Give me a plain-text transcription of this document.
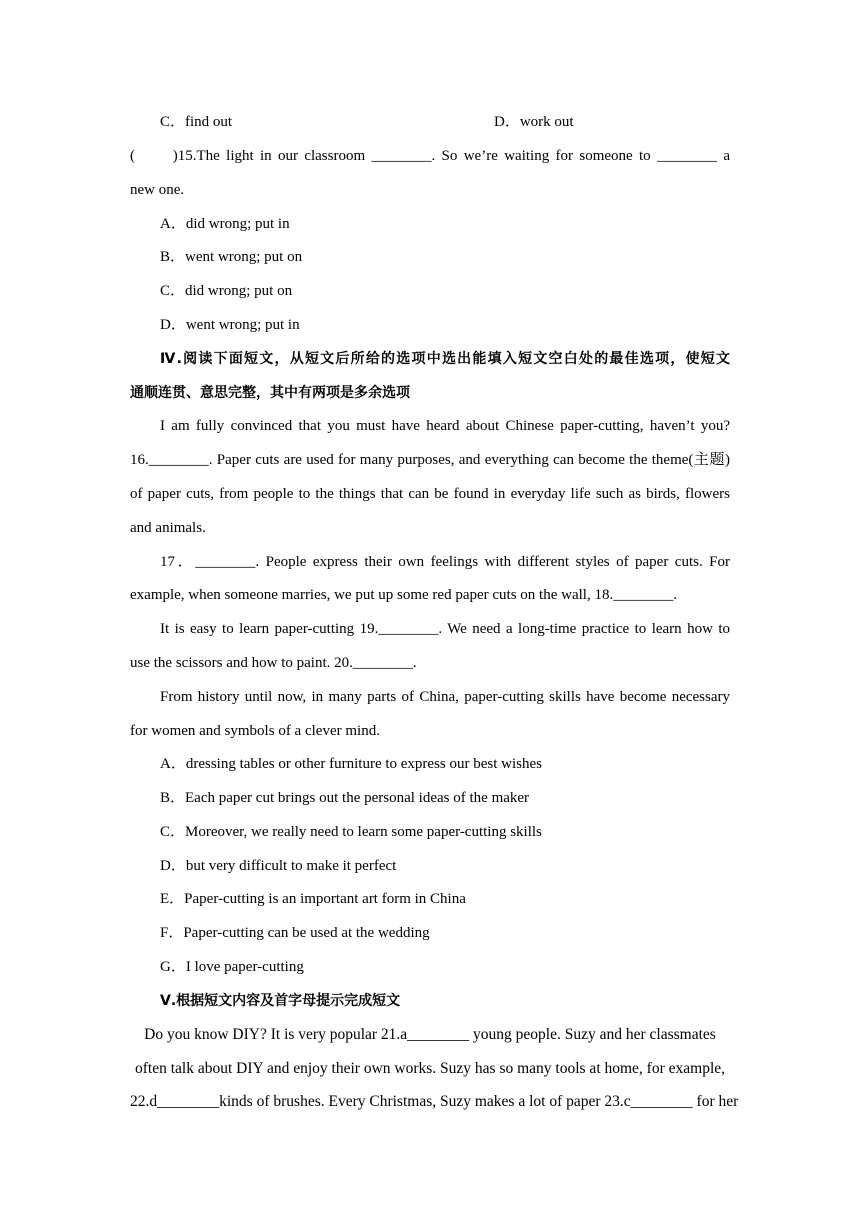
C．find out	D．work out
(　　)15.The light in our classroom ________. So we’re waiting for someone to ________ a
new one.
A．did wrong; put in
B．went wrong; put on
C．did wrong; put on
D．went wrong; put in
Ⅳ.阅读下面短文，从短文后所给的选项中选出能填入短文空白处的最佳选项，使短文
通顺连贯、意思完整，其中有两项是多余选项
I am fully convinced that you must have heard about Chinese paper-cutting, haven’t you?
16.________. Paper cuts are used for many purposes, and everything can become the theme(主题)
of paper cuts, from people to the things that can be found in everyday life such as birds, flowers
and animals.
17．________. People express their own feelings with different styles of paper cuts. For
example, when someone marries, we put up some red paper cuts on the wall, 18.________.
It is easy to learn paper-cutting 19.________. We need a long-time practice to learn how to
use the scissors and how to paint. 20.________.
From history until now, in many parts of China, paper-cutting skills have become necessary
for women and symbols of a clever mind.
A．dressing tables or other furniture to express our best wishes
B．Each paper cut brings out the personal ideas of the maker
C．Moreover, we really need to learn some paper-cutting skills
D．but very difficult to make it perfect
E．Paper-cutting is an important art form in China
F．Paper-cutting can be used at the wedding
G．I love paper-cutting
Ⅴ.根据短文内容及首字母提示完成短文
Do you know DIY? It is very popular 21.a________ young people. Suzy and her classmates
often talk about DIY and enjoy their own works. Suzy has so many tools at home, for example,
22.d________kinds of brushes. Every Christmas, Suzy makes a lot of paper 23.c________ for her
